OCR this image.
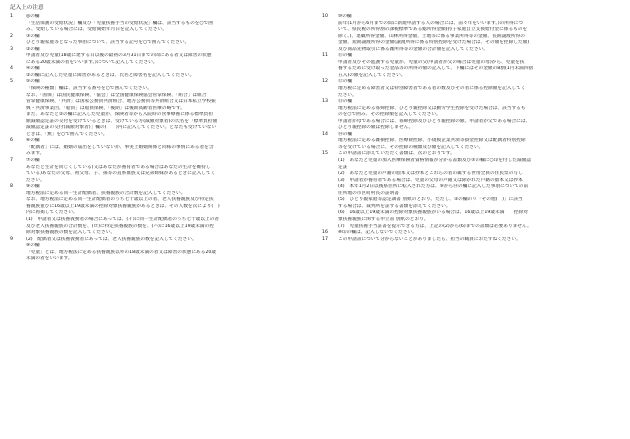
記入上の注意
1	◎の欄
「生活保護の受給状況」欄及び「児童扶養手当の受給状況」欄は、該当するものを○で囲
み、受給している場合には、受給開始年月日を記入してください。
2	③の欄
ひとり親家庭等となった事由について、該当する記号を○で囲んでください。
3	②の欄
申請者及び児童(18歳に達する日以後の最初の3月31日までの間にある者又は障害の状態
にある20歳未満の者をいいます。)について記入してください。
4	④の欄
②の欄に記入した児童に障害があるときは、氏名と障害名を記入してください。
5	⑤の欄
「保険の種類」欄は、該当する番号を○で囲んでください。
なお、「国保」は国民健康保険、「協会」は全国健康保険協会管掌保険、「組合」は組合
管掌健康保険、「共済」は国家公務員共済組合、地方公務員等共済組合又は日本私立学校振
興・共済事業団、「船員」は船員保険、「後期」は後期高齢者医療の略です。
また、あなたと②の欄に記入した児童が、保険者等から入院時の食事療養に係る標準負担
額減額認定証の交付を受けているときは、受けている方(減額対象者)の氏名を「標準負担額
減額認定証の交付(減額対象者)」欄の(　　)内に記入してください。どなたも受けていない
ときは、「無」を○で囲んでください。
6	⑥の欄
「配偶者」には、婚姻の届出をしていないが、事実上婚姻関係と同様の事情にある者を含
みます。
7	⑦の欄
あなたと生計を同じくしている(又はあなたが養育者である場合はあなたの生計を維持し
ている)あなたの父母、祖父母、子、孫等の直系血族又は兄弟姉妹があるときに記入してく
ださい。
8	⑨の欄
地方税法に定める同一生計配偶者、扶養親族の合計数を記入してください。
なお、地方税法に定める同一生計配偶者のうち七十歳以上の者、老人扶養親族及び特定扶
養親族並びに16歳以上19歳未満の控除対象扶養親族があるときは、その人数を次により(　)
内に再掲してください。
(1)　申請者又は扶養義務者の場合にあっては、(イ)に同一生計配偶者のうち七十歳以上の者
及び老人扶養親族の合計数を、(ロ)に特定扶養親族の数を、(ハ)に16歳以上19歳未満の控
除対象扶養親族の数を記入してください。
9	(2)　配偶者又は扶養義務者にあっては、老人扶養親族の数を記入してください。
⑨の欄
「児童」とは、地方税法に定める扶養親族以外の18歳未満の者又は障害の状態にある20歳
未満の者をいいます。
10 ⑩の欄
前年(1月から6月までの間に新規申請する人の場合には、前々年をいいます。)の所得につ
いて、県民税の所得割の課税標準である総所得金額(持子家庭自立支援給付金に係るものを
除く。)、退職所得金額、山林所得金額、土地等に係る事業所得等の金額、長期譲渡所得の
金額、短期譲渡所得の金額(譲渡所得に係る特別控除を受けた場合は、その額を控除した額)
及び商品先物取引に係る雑所得等の金額の合計額を記入してください。
11 ⑪の欄
申請者及びその監護する児童が、児童の父(申請者が父の場合は児童の母)から、児童を扶
養するために受け取った金品等の所得の額の記入して、下欄にはその金額の8割(1円未満四捨
五入)の額を記入してください。
12 ⑫の欄
地方税に定める障害者又は特別障害者である者の数及びその者に係る控除額を記入してく
ださい。
13 ⑬の欄
地方税法に定める寡婦控除、ひとり親控除又は勤労学生控除を受けた場合は、該当するも
のを○で囲み、その控除額を記入してください。
申請者が母である場合には、寡婦控除及びひとり親控除の額、申請者が父である場合には、
ひとり親控除の額は控除しません。
14 ⑭の欄
地方税法に定める雑損控除、医療費控除、小規模企業共済等掛金控除又は配偶者特別控除
等を受けている場合に、その控除の種類及び額を記入してください。
15 この申請書に添えていただく書類は、次のとおりです。
(1)　あなたと児童の加入医療保険者資格情報が分かる書類及び⑤の欄に○印を付した減額認
定証
(2)　あなたと児童の戸籍の謄本又は抄本とこれらの者の属する世帯全員の住民票の写し
(3)　申請者が養育者である場合は、児童の父母の戸籍又は除かれた戸籍の謄本又は抄本
(4)　本年1月2日以後県住所に転入された方は、⑨から⑭の欄に記入した事項についての前
住所地の市区町村長の証明書
(5)　ひとり親家庭等認定調書 別紙のとおり。ただし、②の欄のリ「その他(　)」に該当
する場合は、裁判所を証する書類を添えてください。
(6)　16歳以上19歳未満の控除対象扶養親族がいる場合は、16歳以上19歳未満　　控除対
象扶養親族に関する申立書 別紙のとおり。
(7)　児童扶養手当証書を提示できる方は、上記の(2)から(6)までの書類は必要ありません。
16 ※印の欄は、記入しないでください。
17 この申請書について分からないことがありましたら、担当の職員におたずねください。
